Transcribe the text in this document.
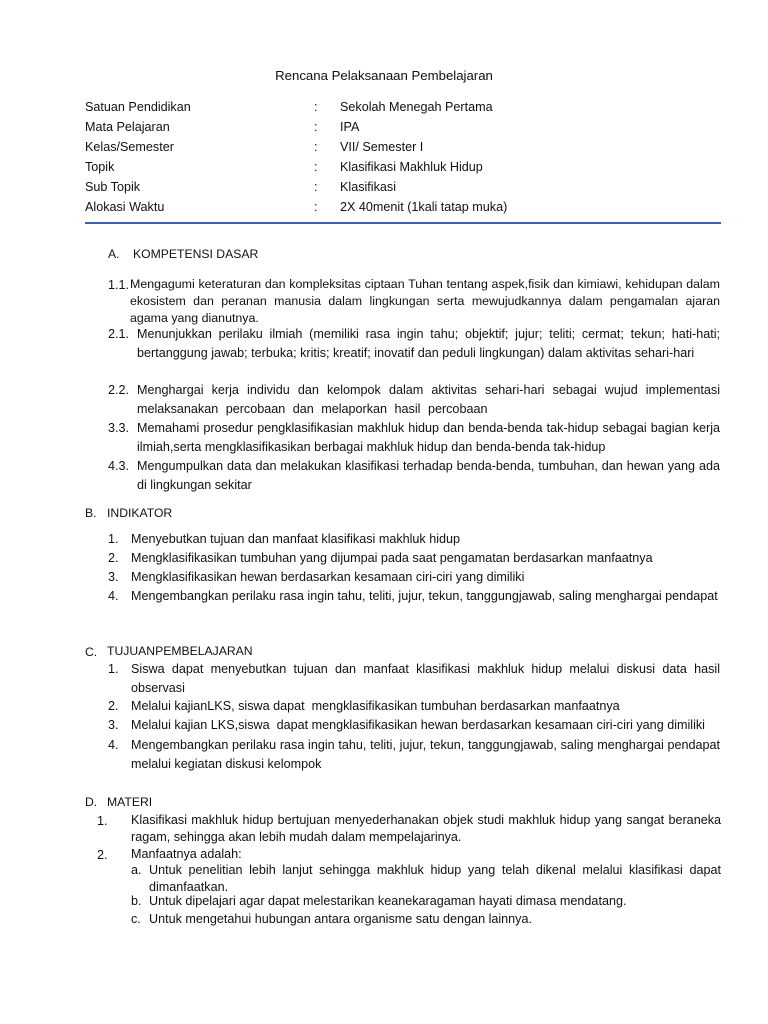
Rencana Pelaksanaan Pembelajaran
Satuan Pendidikan	: Sekolah Menegah Pertama
Mata Pelajaran	: IPA
Kelas/Semester	: VII/ Semester I
Topik	: Klasifikasi Makhluk Hidup
Sub Topik	: Klasifikasi
Alokasi Waktu	: 2X 40menit (1kali tatap muka)
A. KOMPETENSI DASAR
1.1. Mengagumi keteraturan dan kompleksitas ciptaan Tuhan tentang aspek,fisik dan kimiawi, kehidupan dalam ekosistem dan peranan manusia dalam lingkungan serta mewujudkannya dalam pengamalan ajaran agama yang dianutnya.
2.1. Menunjukkan perilaku ilmiah (memiliki rasa ingin tahu; objektif; jujur; teliti; cermat; tekun; hati-hati; bertanggung jawab; terbuka; kritis; kreatif; inovatif dan peduli lingkungan) dalam aktivitas sehari-hari
2.2. Menghargai kerja individu dan kelompok dalam aktivitas sehari-hari sebagai wujud implementasi melaksanakan percobaan dan melaporkan hasil percobaan
3.3. Memahami prosedur pengklasifikasian makhluk hidup dan benda-benda tak-hidup sebagai bagian kerja ilmiah,serta mengklasifikasikan berbagai makhluk hidup dan benda-benda tak-hidup
4.3. Mengumpulkan data dan melakukan klasifikasi terhadap benda-benda, tumbuhan, dan hewan yang ada di lingkungan sekitar
B. INDIKATOR
1. Menyebutkan tujuan dan manfaat klasifikasi makhluk hidup
2. Mengklasifikasikan tumbuhan yang dijumpai pada saat pengamatan berdasarkan manfaatnya
3. Mengklasifikasikan hewan berdasarkan kesamaan ciri-ciri yang dimiliki
4. Mengembangkan perilaku rasa ingin tahu, teliti, jujur, tekun, tanggungjawab, saling menghargai pendapat
C. TUJUANPEMBELAJARAN
1. Siswa dapat menyebutkan tujuan dan manfaat klasifikasi makhluk hidup melalui diskusi data hasil observasi
2. Melalui kajianLKS, siswa dapat  mengklasifikasikan tumbuhan berdasarkan manfaatnya
3. Melalui kajian LKS,siswa  dapat mengklasifikasikan hewan berdasarkan kesamaan ciri-ciri yang dimiliki
4. Mengembangkan perilaku rasa ingin tahu, teliti, jujur, tekun, tanggungjawab, saling menghargai pendapat melalui kegiatan diskusi kelompok
D. MATERI
1. Klasifikasi makhluk hidup bertujuan menyederhanakan objek studi makhluk hidup yang sangat beraneka ragam, sehingga akan lebih mudah dalam mempelajarinya.
2. Manfaatnya adalah:
a. Untuk penelitian lebih lanjut sehingga makhluk hidup yang telah dikenal melalui klasifikasi dapat dimanfaatkan.
b. Untuk dipelajari agar dapat melestarikan keanekaragaman hayati dimasa mendatang.
c. Untuk mengetahui hubungan antara organisme satu dengan lainnya.
